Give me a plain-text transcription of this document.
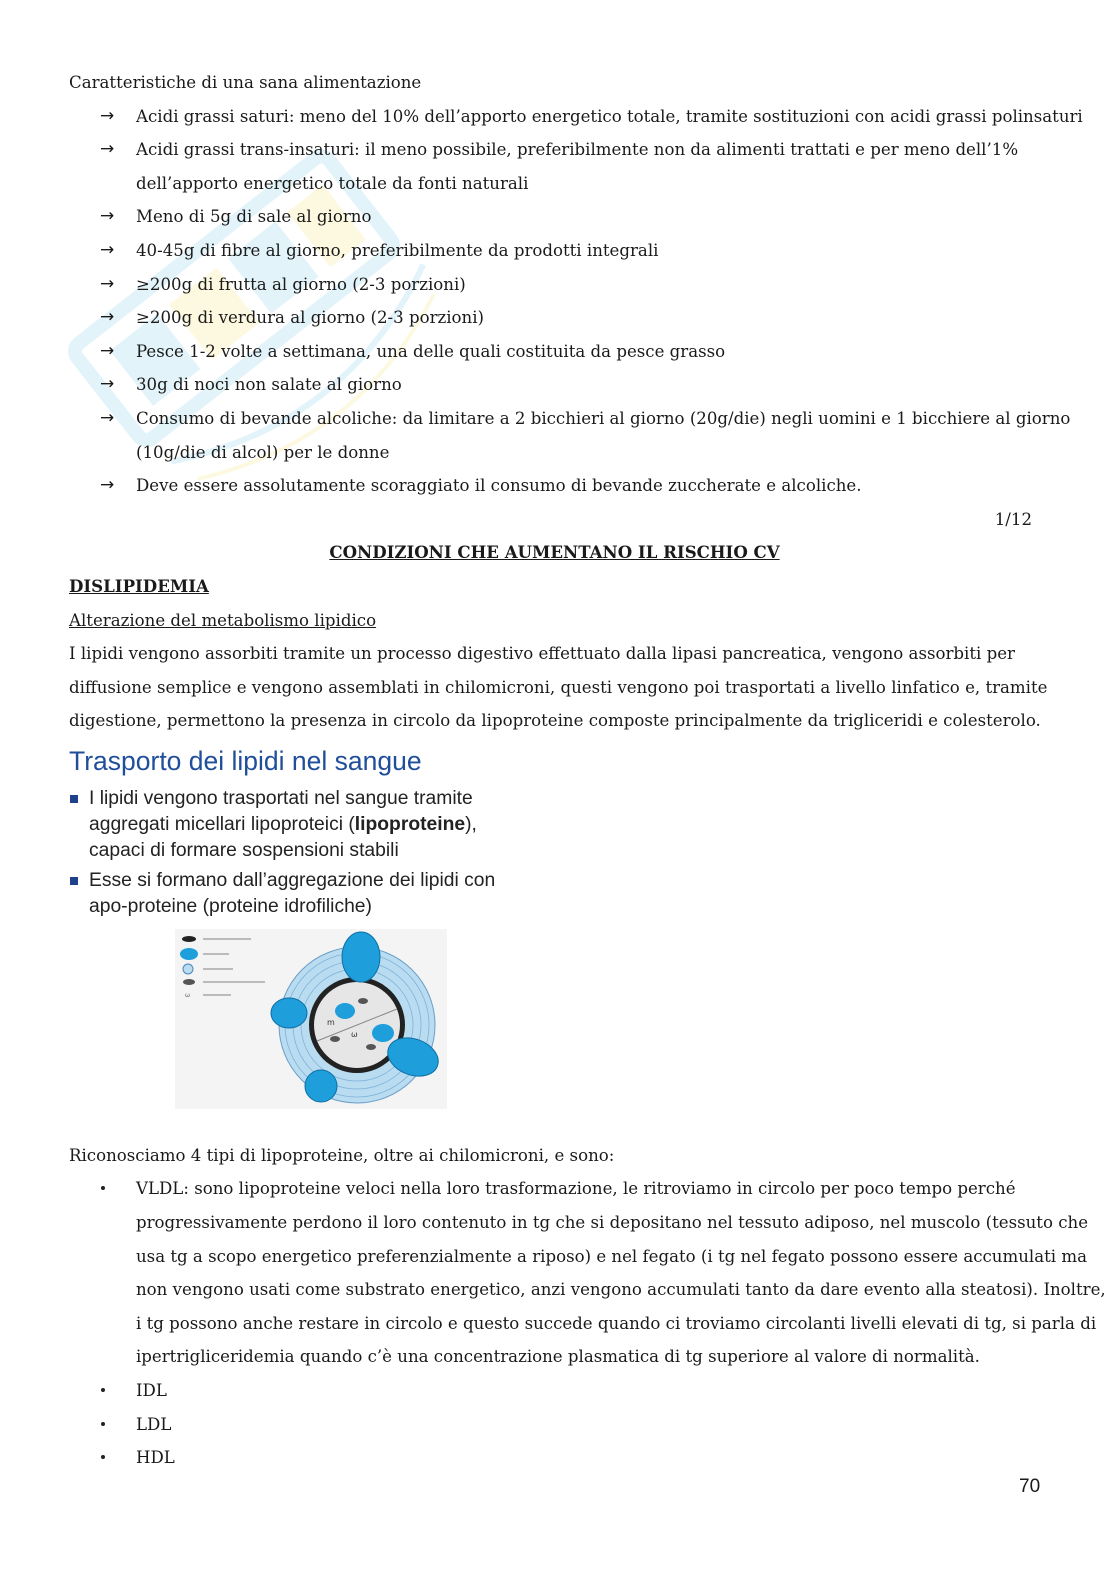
Caratteristiche di una sana alimentazione
→ Acidi grassi saturi: meno del 10% dell’apporto energetico totale, tramite sostituzioni con acidi grassi polinsaturi
→ Acidi grassi trans-insaturi: il meno possibile, preferibilmente non da alimenti trattati e per meno dell’1%
dell’apporto energetico totale da fonti naturali
→ Meno di 5g di sale al giorno
→ 40-45g di fibre al giorno, preferibilmente da prodotti integrali
→ ≥200g di frutta al giorno (2-3 porzioni)
→ ≥200g di verdura al giorno (2-3 porzioni)
→ Pesce 1-2 volte a settimana, una delle quali costituita da pesce grasso
→ 30g di noci non salate al giorno
→ Consumo di bevande alcoliche: da limitare a 2 bicchieri al giorno (20g/die) negli uomini e 1 bicchiere al giorno
(10g/die di alcol) per le donne
→ Deve essere assolutamente scoraggiato il consumo di bevande zuccherate e alcoliche.
1/12
CONDIZIONI CHE AUMENTANO IL RISCHIO CV
DISLIPIDEMIA
Alterazione del metabolismo lipidico
I lipidi vengono assorbiti tramite un processo digestivo effettuato dalla lipasi pancreatica, vengono assorbiti per diffusione semplice e vengono assemblati in chilomicroni, questi vengono poi trasportati a livello linfatico e, tramite digestione, permettono la presenza in circolo da lipoproteine composte principalmente da trigliceridi e colesterolo.
Trasporto dei lipidi nel sangue
I lipidi vengono trasportati nel sangue tramite
aggregati micellari lipoproteici (lipoproteine),
capaci di formare sospensioni stabili
Esse si formano dall’aggregazione dei lipidi con
apo-proteine (proteine idrofiliche)
ω
ω
m
Riconosciamo 4 tipi di lipoproteine, oltre ai chilomicroni, e sono:
VLDL: sono lipoproteine veloci nella loro trasformazione, le ritroviamo in circolo per poco tempo perché
progressivamente perdono il loro contenuto in tg che si depositano nel tessuto adiposo, nel muscolo (tessuto che
usa tg a scopo energetico preferenzialmente a riposo) e nel fegato (i tg nel fegato possono essere accumulati ma
non vengono usati come substrato energetico, anzi vengono accumulati tanto da dare evento alla steatosi). Inoltre,
i tg possono anche restare in circolo e questo succede quando ci troviamo circolanti livelli elevati di tg, si parla di
ipertrigliceridemia quando c’è una concentrazione plasmatica di tg superiore al valore di normalità.
IDL
LDL
HDL
70
